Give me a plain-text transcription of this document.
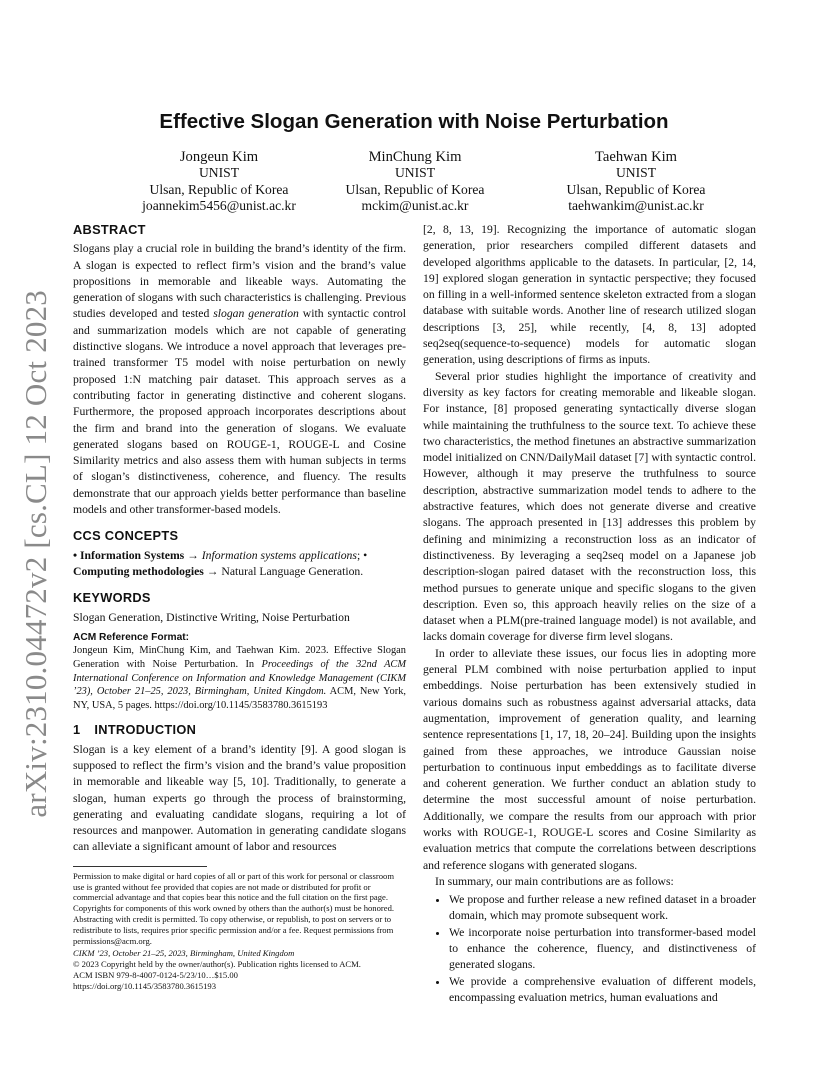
arXiv:2310.04472v2 [cs.CL] 12 Oct 2023
Effective Slogan Generation with Noise Perturbation
Jongeun Kim
UNIST
Ulsan, Republic of Korea
joannekim5456@unist.ac.kr
MinChung Kim
UNIST
Ulsan, Republic of Korea
mckim@unist.ac.kr
Taehwan Kim
UNIST
Ulsan, Republic of Korea
taehwankim@unist.ac.kr
ABSTRACT

Slogans play a crucial role in building the brand’s identity of the firm. A slogan is expected to reflect firm’s vision and the brand’s value propositions in memorable and likeable ways. Automating the generation of slogans with such characteristics is challenging. Previous studies developed and tested slogan generation with syntactic control and summarization models which are not capable of generating distinctive slogans. We introduce a novel approach that leverages pre-trained transformer T5 model with noise perturbation on newly proposed 1:N matching pair dataset. This approach serves as a contributing factor in generating distinctive and coherent slogans. Furthermore, the proposed approach incorporates descriptions about the firm and brand into the generation of slogans. We evaluate generated slogans based on ROUGE-1, ROUGE-L and Cosine Similarity metrics and also assess them with human subjects in terms of slogan’s distinctiveness, coherence, and fluency. The results demonstrate that our approach yields better performance than baseline models and other transformer-based models.

CCS CONCEPTS

• Information Systems → Information systems applications; •
Computing methodologies → Natural Language Generation.

KEYWORDS

Slogan Generation, Distinctive Writing, Noise Perturbation

ACM Reference Format:

Jongeun Kim, MinChung Kim, and Taehwan Kim. 2023. Effective Slogan Generation with Noise Perturbation. In Proceedings of the 32nd ACM International Conference on Information and Knowledge Management (CIKM ’23), October 21–25, 2023, Birmingham, United Kingdom. ACM, New York, NY, USA, 5 pages. https://doi.org/10.1145/3583780.3615193

1 INTRODUCTION

Slogan is a key element of a brand’s identity [9]. A good slogan is supposed to reflect the firm’s vision and the brand’s value proposition in memorable and likeable way [5, 10]. Traditionally, to generate a slogan, human experts go through the process of brainstorming, generating and evaluating candidate slogans, requiring a lot of resources and manpower. Automation in generating candidate slogans can alleviate a significant amount of labor and resources

Permission to make digital or hard copies of all or part of this work for personal or classroom use is granted without fee provided that copies are not made or distributed for profit or commercial advantage and that copies bear this notice and the full citation on the first page. Copyrights for components of this work owned by others than the author(s) must be honored. Abstracting with credit is permitted. To copy otherwise, or republish, to post on servers or to redistribute to lists, requires prior specific permission and/or a fee. Request permissions from permissions@acm.org.

CIKM ’23, October 21–25, 2023, Birmingham, United Kingdom

© 2023 Copyright held by the owner/author(s). Publication rights licensed to ACM.

ACM ISBN 979-8-4007-0124-5/23/10…$15.00

https://doi.org/10.1145/3583780.3615193

[2, 8, 13, 19]. Recognizing the importance of automatic slogan generation, prior researchers compiled different datasets and developed algorithms applicable to the datasets. In particular, [2, 14, 19] explored slogan generation in syntactic perspective; they focused on filling in a well-informed sentence skeleton extracted from a slogan database with suitable words. Another line of research utilized slogan descriptions [3, 25], while recently, [4, 8, 13] adopted seq2seq(sequence-to-sequence) models for automatic slogan generation, using descriptions of firms as inputs.

Several prior studies highlight the importance of creativity and diversity as key factors for creating memorable and likeable slogan. For instance, [8] proposed generating syntactically diverse slogan while maintaining the truthfulness to the source text. To achieve these two characteristics, the method finetunes an abstractive summarization model initialized on CNN/DailyMail dataset [7] with syntactic control. However, although it may preserve the truthfulness to source description, abstractive summarization model tends to adhere to the abstractive features, which does not generate diverse and creative slogans. The approach presented in [13] addresses this problem by defining and minimizing a reconstruction loss as an indicator of distinctiveness. By leveraging a seq2seq model on a Japanese job description-slogan paired dataset with the reconstruction loss, this method pursues to generate unique and specific slogans to the given description. Even so, this approach heavily relies on the size of a dataset when a PLM(pre-trained language model) is not available, and lacks domain coverage for diverse firm level slogans.

In order to alleviate these issues, our focus lies in adopting more general PLM combined with noise perturbation applied to input embeddings. Noise perturbation has been extensively studied in various domains such as robustness against adversarial attacks, data augmentation, improvement of generation quality, and learning sentence representations [1, 17, 18, 20–24]. Building upon the insights gained from these approaches, we introduce Gaussian noise perturbation to continuous input embeddings as to facilitate diverse and coherent generation. We further conduct an ablation study to determine the most successful amount of noise perturbation. Additionally, we compare the results from our approach with prior works with ROUGE-1, ROUGE-L scores and Cosine Similarity as evaluation metrics that compute the correlations between descriptions and reference slogans with generated slogans.

In summary, our main contributions are as follows:

• We propose and further release a new refined dataset in a broader domain, which may promote subsequent work.
• We incorporate noise perturbation into transformer-based model to enhance the coherence, fluency, and distinctiveness of generated slogans.
• We provide a comprehensive evaluation of different models, encompassing evaluation metrics, human evaluations and
